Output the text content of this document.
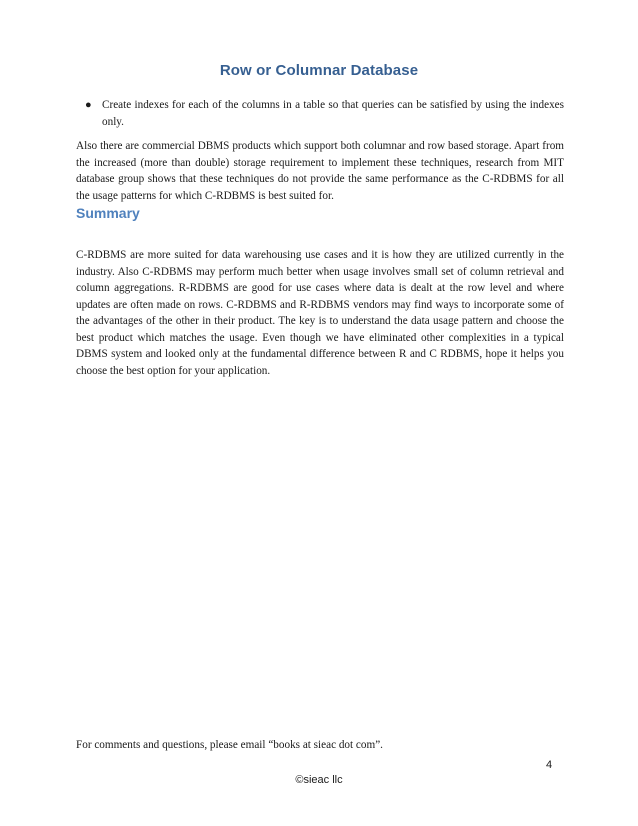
Row or Columnar Database
● Create indexes for each of the columns in a table so that queries can be satisfied by using the indexes only.

Also there are commercial DBMS products which support both columnar and row based storage. Apart from the increased (more than double) storage requirement to implement these techniques, research from MIT database group shows that these techniques do not provide the same performance as the C-RDBMS for all the usage patterns for which C-RDBMS is best suited for.

Summary

C-RDBMS are more suited for data warehousing use cases and it is how they are utilized currently in the industry. Also C-RDBMS may perform much better when usage involves small set of column retrieval and column aggregations. R-RDBMS are good for use cases where data is dealt at the row level and where updates are often made on rows. C-RDBMS and R-RDBMS vendors may find ways to incorporate some of the advantages of the other in their product. The key is to understand the data usage pattern and choose the best product which matches the usage. Even though we have eliminated other complexities in a typical DBMS system and looked only at the fundamental difference between R and C RDBMS, hope it helps you choose the best option for your application.

For comments and questions, please email “books at sieac dot com”.
4
©sieac llc
